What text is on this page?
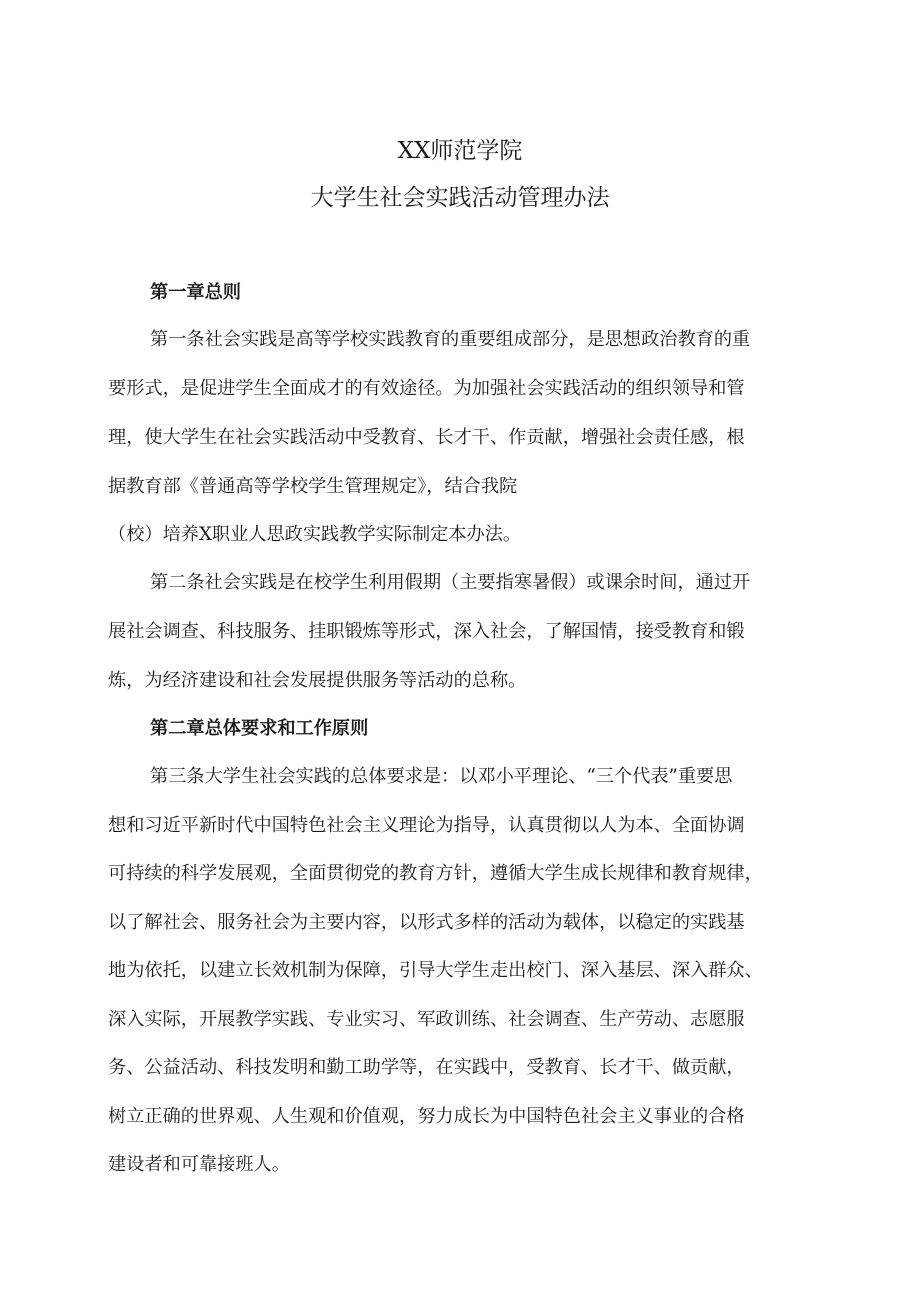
XX师范学院
大学生社会实践活动管理办法
第一章总则
第一条社会实践是高等学校实践教育的重要组成部分，是思想政治教育的重
要形式，是促进学生全面成才的有效途径。为加强社会实践活动的组织领导和管
理，使大学生在社会实践活动中受教育、长才干、作贡献，增强社会责任感，根
据教育部《普通高等学校学生管理规定》，结合我院
（校）培养X职业人思政实践教学实际制定本办法。
第二条社会实践是在校学生利用假期（主要指寒暑假）或课余时间，通过开
展社会调查、科技服务、挂职锻炼等形式，深入社会，了解国情，接受教育和锻
炼，为经济建设和社会发展提供服务等活动的总称。
第二章总体要求和工作原则
第三条大学生社会实践的总体要求是：以邓小平理论、“三个代表”重要思
想和习近平新时代中国特色社会主义理论为指导，认真贯彻以人为本、全面协调
可持续的科学发展观，全面贯彻党的教育方针，遵循大学生成长规律和教育规律，
以了解社会、服务社会为主要内容，以形式多样的活动为载体，以稳定的实践基
地为依托，以建立长效机制为保障，引导大学生走出校门、深入基层、深入群众、
深入实际，开展教学实践、专业实习、军政训练、社会调查、生产劳动、志愿服
务、公益活动、科技发明和勤工助学等，在实践中，受教育、长才干、做贡献，
树立正确的世界观、人生观和价值观，努力成长为中国特色社会主义事业的合格
建设者和可靠接班人。
